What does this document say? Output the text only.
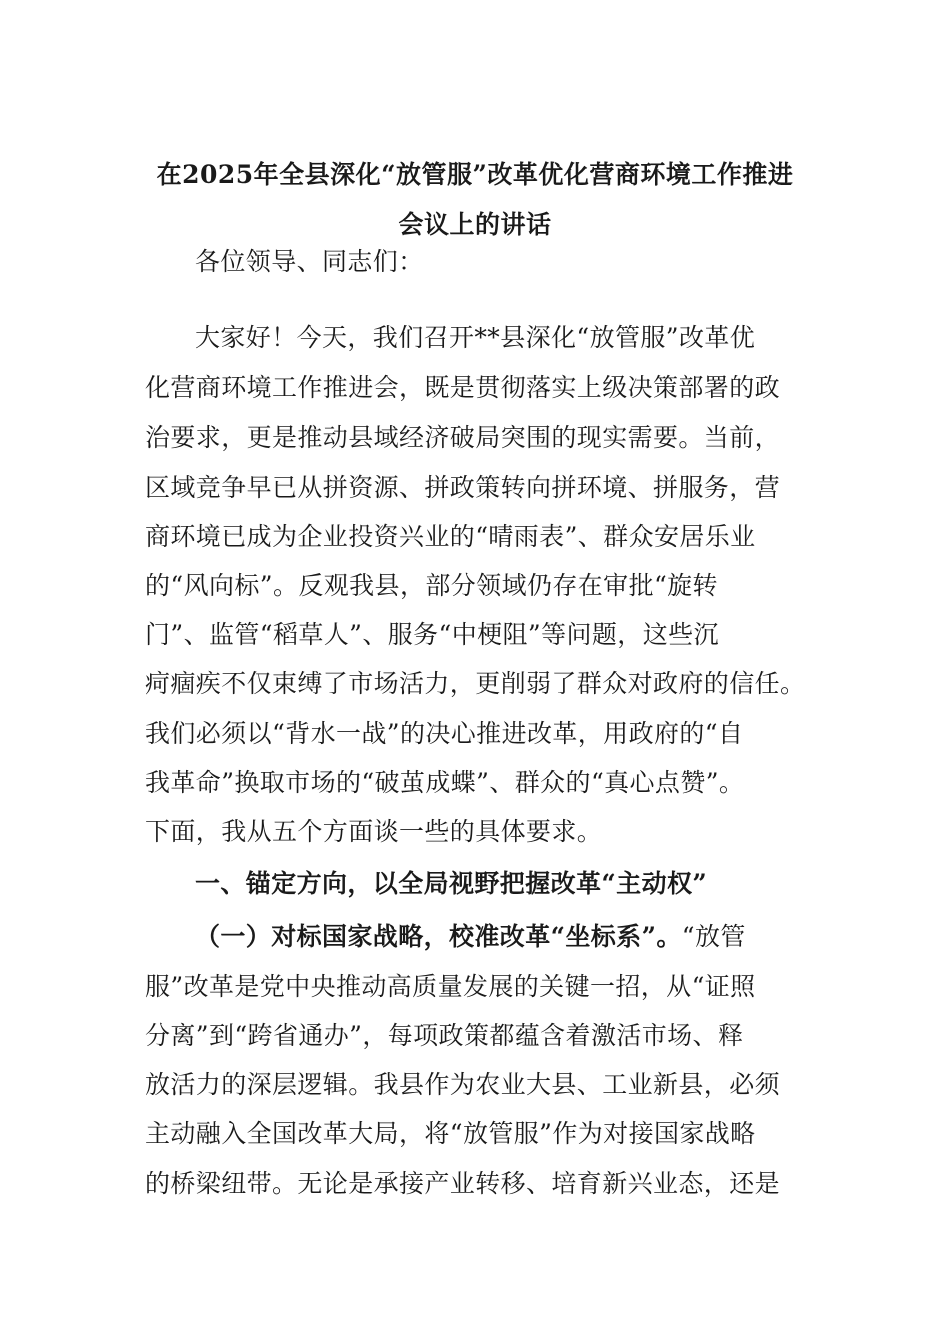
在2025年全县深化“放管服”改革优化营商环境工作推进
会议上的讲话
各位领导、同志们：
大家好！今天，我们召开**县深化“放管服”改革优
化营商环境工作推进会，既是贯彻落实上级决策部署的政
治要求，更是推动县域经济破局突围的现实需要。当前，
区域竞争早已从拼资源、拼政策转向拼环境、拼服务，营
商环境已成为企业投资兴业的“晴雨表”、群众安居乐业
的“风向标”。反观我县，部分领域仍存在审批“旋转
门”、监管“稻草人”、服务“中梗阻”等问题，这些沉
疴痼疾不仅束缚了市场活力，更削弱了群众对政府的信任。
我们必须以“背水一战”的决心推进改革，用政府的“自
我革命”换取市场的“破茧成蝶”、群众的“真心点赞”。
下面，我从五个方面谈一些的具体要求。
一、锚定方向，以全局视野把握改革“主动权”
（一）对标国家战略，校准改革“坐标系”。“放管
服”改革是党中央推动高质量发展的关键一招，从“证照
分离”到“跨省通办”，每项政策都蕴含着激活市场、释
放活力的深层逻辑。我县作为农业大县、工业新县，必须
主动融入全国改革大局，将“放管服”作为对接国家战略
的桥梁纽带。无论是承接产业转移、培育新兴业态，还是
